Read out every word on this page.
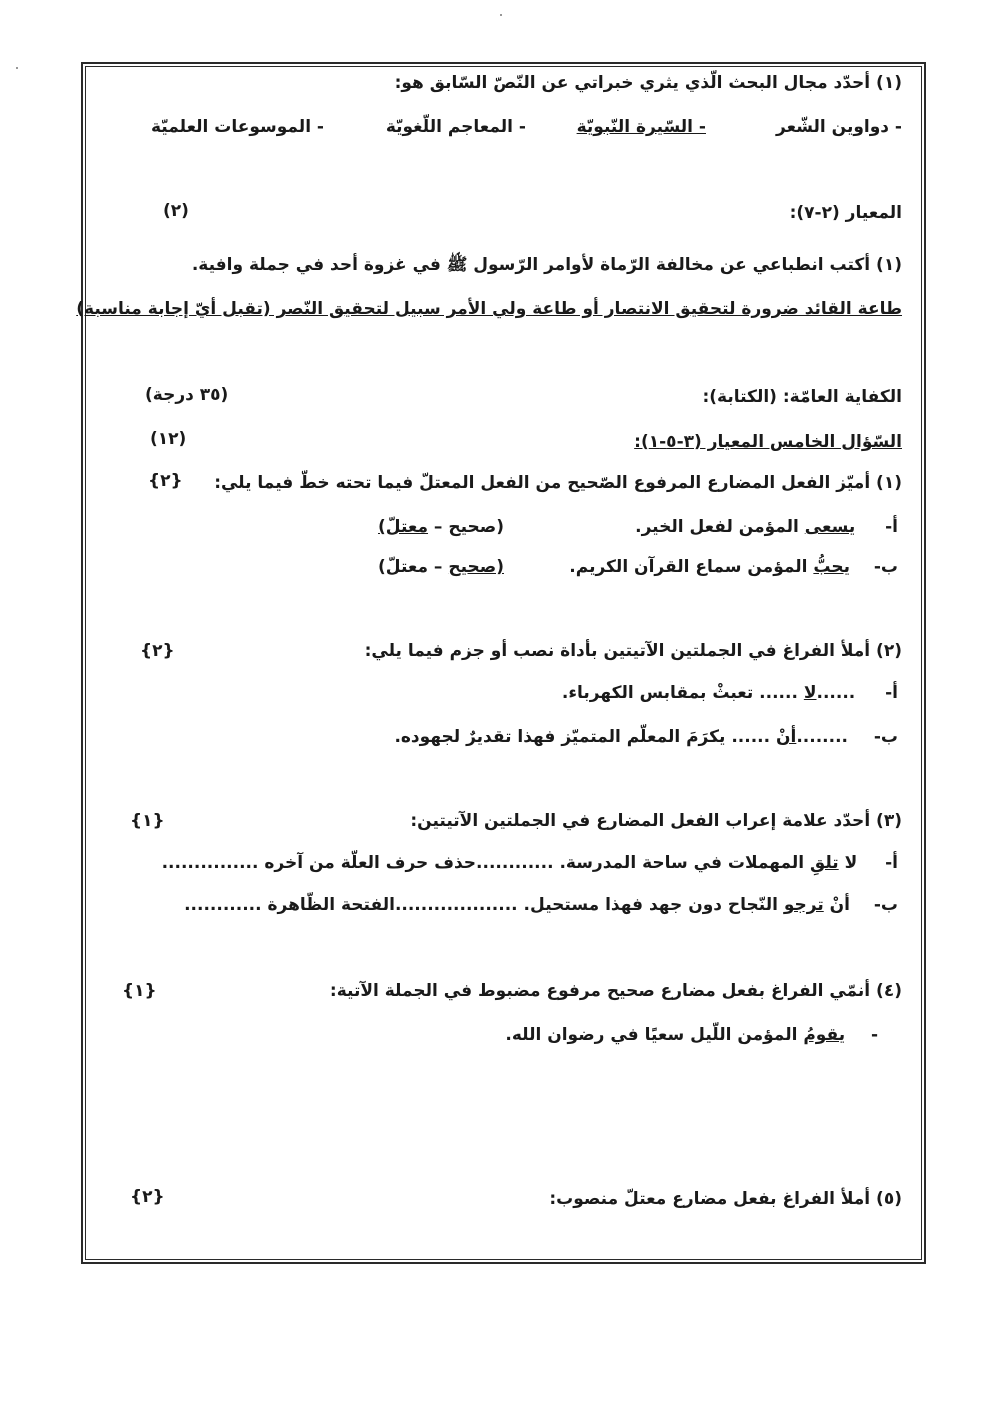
(١) أحدّد مجال البحث الّذي يثري خبراتي عن النّصّ السّابق هو:
- دواوين الشّعر
- السّيرة النّبويّة
- المعاجم اللّغويّة
- الموسوعات العلميّة
المعيار (٢-٧):
(٢)
(١) أكتب انطباعي عن مخالفة الرّماة لأوامر الرّسول ﷺ في غزوة أحد في جملة وافية.
طاعة القائد ضرورة لتحقيق الانتصار أو طاعة ولي الأمر سبيل لتحقيق النّصر (تقبل أيّ إجابة مناسبة)
الكفاية العامّة: (الكتابة):
(٣٥ درجة)
السّؤال الخامس المعيار (٣-٥-١):
(١٢)
(١) أميّز الفعل المضارع المرفوع الصّحيح من الفعل المعتلّ فيما تحته خطّ فيما يلي:
{٢}
أ-  يسعى المؤمن لفعل الخير.
(صحيح – معتلّ)
ب-  يحبُّ المؤمن سماع القرآن الكريم.
(صحيح – معتلّ)
(٢) أملأ الفراغ في الجملتين الآتيتين بأداة نصب أو جزم فيما يلي:
{٢}
أ-  ......لا ...... تعبثْ بمقابس الكهرباء.
ب-  ........أنْ ...... يكرَمَ المعلّم المتميّز فهذا تقديرٌ لجهوده.
(٣) أحدّد علامة إعراب الفعل المضارع في الجملتين الآتيتين:
{١}
أ-  لا تلقِ المهملات في ساحة المدرسة. ............حذف حرف العلّة من آخره ...............
ب-  أنْ ترجو النّجاح دون جهد فهذا مستحيل. ...................الفتحة الظّاهرة ............
(٤) أنمّي الفراغ بفعل مضارع صحيح مرفوع مضبوط في الجملة الآتية:
{١}
-  يقومُ المؤمن اللّيل سعيًا في رضوان الله.
(٥) أملأ الفراغ بفعل مضارع معتلّ منصوب:
{٢}
